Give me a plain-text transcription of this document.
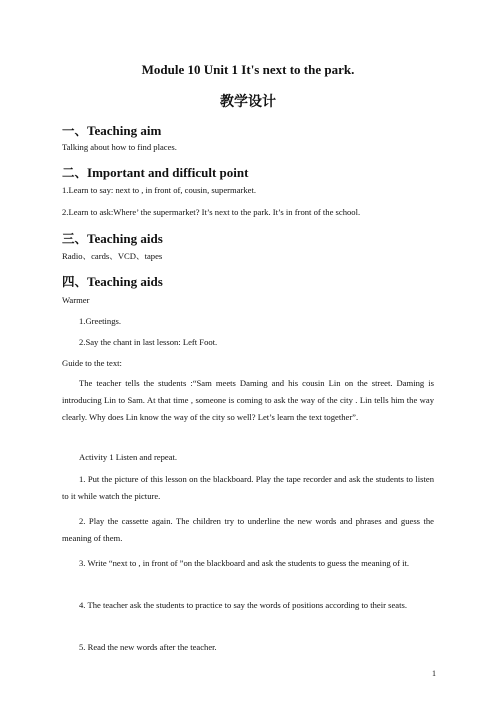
Module 10 Unit 1 It's next to the park.
教学设计
一、Teaching aim
Talking about how to find places.
二、Important and difficult point
1.Learn to say: next to , in front of, cousin, supermarket.
2.Learn to ask:Where’ the supermarket? It’s next to the park. It’s in front of the school.
三、Teaching aids
Radio、cards、VCD、tapes
四、Teaching aids
Warmer
1.Greetings.
2.Say the chant in last lesson: Left Foot.
Guide to the text:
The teacher tells the students :“Sam meets Daming and his cousin Lin on the street. Daming is introducing Lin to Sam. At that time , someone is coming to ask the way of the city . Lin tells him the way clearly. Why does Lin know the way of the city so well? Let’s learn the text together”.
Activity 1 Listen and repeat.
1. Put the picture of this lesson on the blackboard. Play the tape recorder and ask the students to listen to it while watch the picture.
2. Play the cassette again. The children try to underline the new words and phrases and guess the meaning of them.
3. Write “next to , in front of ”on the blackboard and ask the students to guess the meaning of it.
4. The teacher ask the students to practice to say the words of positions according to their seats.
5. Read the new words after the teacher.
1
